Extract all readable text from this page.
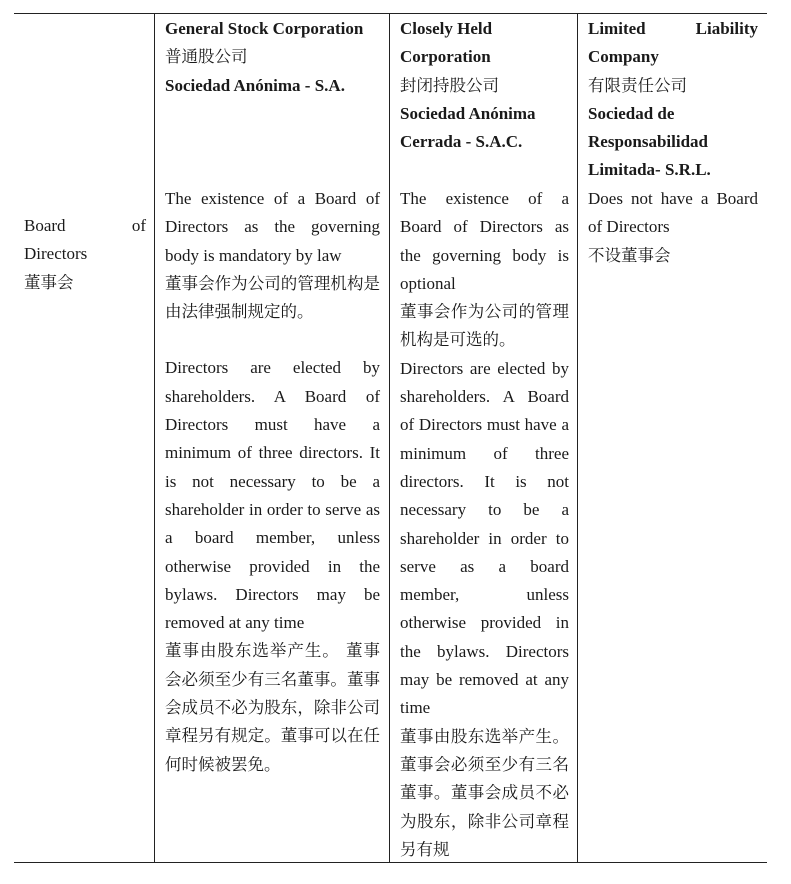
Board of Directors

董事会

General Stock Corporation

普通股公司

Sociedad Anónima - S.A.

The existence of a Board of Directors as the governing body is mandatory by law

董事会作为公司的管理机构是由法律强制规定的。

Directors are elected by shareholders. A Board of Directors must have a minimum of three directors. It is not necessary to be a shareholder in order to serve as a board member, unless otherwise provided in the bylaws. Directors may be removed at any time

董事由股东选举产生。 董事会必须至少有三名董事。董事会成员不必为股东，除非公司章程另有规定。董事可以在任何时候被罢免。

Closely Held Corporation

封闭持股公司

Sociedad Anónima Cerrada - S.A.C.

The existence of a Board of Directors as the governing body is optional

董事会作为公司的管理机构是可选的。

Directors are elected by shareholders. A Board of Directors must have a minimum of three directors. It is not necessary to be a shareholder in order to serve as a board member, unless otherwise provided in the bylaws. Directors may be removed at any time

董事由股东选举产生。董事会必须至少有三名董事。董事会成员不必为股东，除非公司章程另有规

Limited Liability Company

有限责任公司

Sociedad de Responsabilidad Limitada- S.R.L.

Does not have a Board of Directors

不设董事会
